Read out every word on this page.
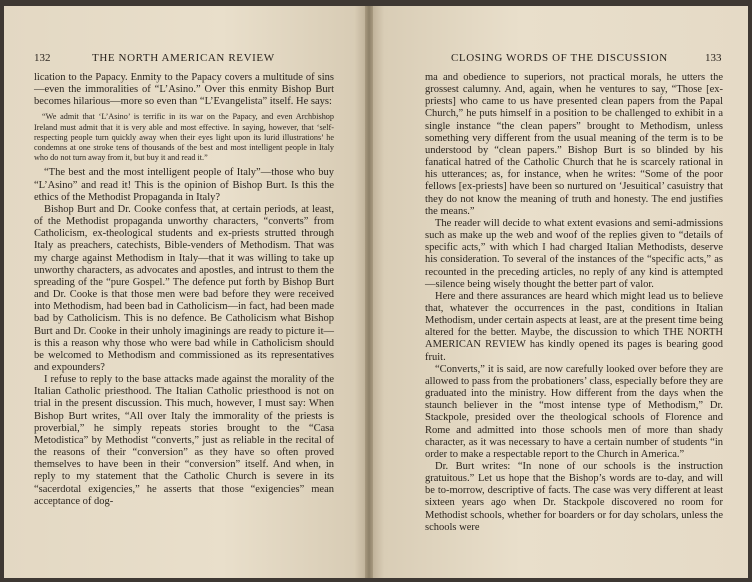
132	THE NORTH AMERICAN REVIEW

lication to the Papacy. Enmity to the Papacy covers a multitude of sins—even the immoralities of “L’Asino.” Over this enmity Bishop Burt becomes hilarious—more so even than “L’Evangelista” itself. He says:

“We admit that ‘L’Asino’ is terrific in its war on the Papacy, and even Archbishop Ireland must admit that it is very able and most effective. In saying, however, that ‘self-respecting people turn quickly away when their eyes light upon its lurid illustrations’ he condemns at one stroke tens of thousands of the best and most intelligent people in Italy who do not turn away from it, but buy it and read it.”

“The best and the most intelligent people of Italy”—those who buy “L’Asino” and read it! This is the opinion of Bishop Burt. Is this the ethics of the Methodist Propaganda in Italy?

Bishop Burt and Dr. Cooke confess that, at certain periods, at least, of the Methodist propaganda unworthy characters, “converts” from Catholicism, ex-theological students and ex-priests strutted through Italy as preachers, catechists, Bible-venders of Methodism. That was my charge against Methodism in Italy—that it was willing to take up unworthy characters, as advocates and apostles, and intrust to them the spreading of the “pure Gospel.” The defence put forth by Bishop Burt and Dr. Cooke is that those men were bad before they were received into Methodism, had been bad in Catholicism—in fact, had been made bad by Catholicism. This is no defence. Be Catholicism what Bishop Burt and Dr. Cooke in their unholy imaginings are ready to picture it—is this a reason why those who were bad while in Catholicism should be welcomed to Methodism and commissioned as its representatives and expounders?

I refuse to reply to the base attacks made against the morality of the Italian Catholic priesthood. The Italian Catholic priesthood is not on trial in the present discussion. This much, however, I must say: When Bishop Burt writes, “All over Italy the immorality of the priests is proverbial,” he simply repeats stories brought to the “Casa Metodistica” by Methodist “converts,” just as reliable in the recital of the reasons of their “conversion” as they have so often proved themselves to have been in their “conversion” itself. And when, in reply to my statement that the Catholic Church is severe in its “sacerdotal exigencies,” he asserts that those “exigencies” mean acceptance of dog-

CLOSING WORDS OF THE DISCUSSION	133

ma and obedience to superiors, not practical morals, he utters the grossest calumny. And, again, when he ventures to say, “Those [ex-priests] who came to us have presented clean papers from the Papal Church,” he puts himself in a position to be challenged to exhibit in a single instance “the clean papers” brought to Methodism, unless something very different from the usual meaning of the term is to be understood by “clean papers.” Bishop Burt is so blinded by his fanatical hatred of the Catholic Church that he is scarcely rational in his utterances; as, for instance, when he writes: “Some of the poor fellows [ex-priests] have been so nurtured on ‘Jesuitical’ casuistry that they do not know the meaning of truth and honesty. The end justifies the means.”

The reader will decide to what extent evasions and semi-admissions such as make up the web and woof of the replies given to “details of specific acts,” with which I had charged Italian Methodists, deserve his consideration. To several of the instances of the “specific acts,” as recounted in the preceding articles, no reply of any kind is attempted—silence being wisely thought the better part of valor.

Here and there assurances are heard which might lead us to believe that, whatever the occurrences in the past, conditions in Italian Methodism, under certain aspects at least, are at the present time being altered for the better. Maybe, the discussion to which THE NORTH AMERICAN REVIEW has kindly opened its pages is bearing good fruit.

“Converts,” it is said, are now carefully looked over before they are allowed to pass from the probationers’ class, especially before they are graduated into the ministry. How different from the days when the staunch believer in the “most intense type of Methodism,” Dr. Stackpole, presided over the theological schools of Florence and Rome and admitted into those schools men of more than shady character, as it was necessary to have a certain number of students “in order to make a respectable report to the Church in America.”

Dr. Burt writes: “In none of our schools is the instruction gratuitous.” Let us hope that the Bishop’s words are to-day, and will be to-morrow, descriptive of facts. The case was very different at least sixteen years ago when Dr. Stackpole discovered no room for Methodist schools, whether for boarders or for day scholars, unless the schools were
